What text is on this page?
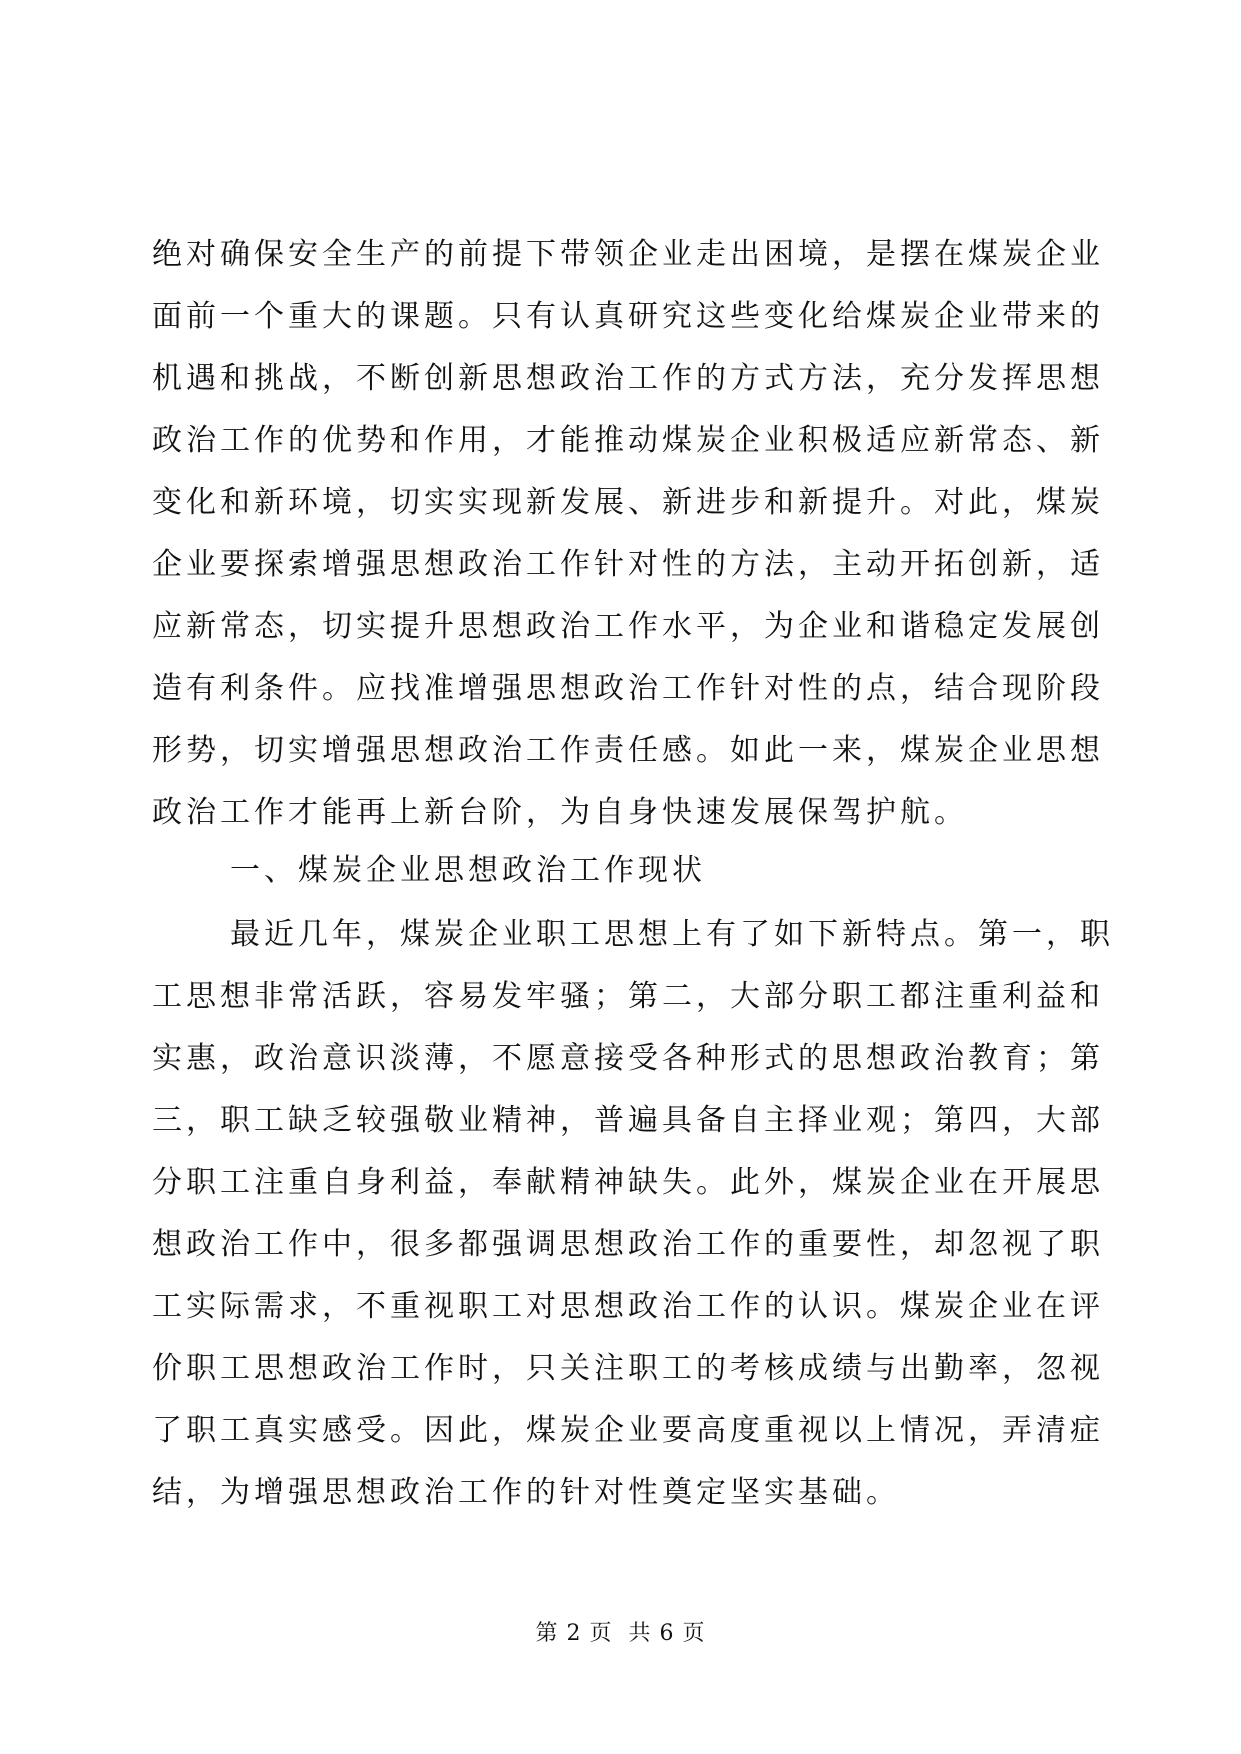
绝对确保安全生产的前提下带领企业走出困境，是摆在煤炭企业
面前一个重大的课题。只有认真研究这些变化给煤炭企业带来的
机遇和挑战，不断创新思想政治工作的方式方法，充分发挥思想
政治工作的优势和作用，才能推动煤炭企业积极适应新常态、新
变化和新环境，切实实现新发展、新进步和新提升。对此，煤炭
企业要探索增强思想政治工作针对性的方法，主动开拓创新，适
应新常态，切实提升思想政治工作水平，为企业和谐稳定发展创
造有利条件。应找准增强思想政治工作针对性的点，结合现阶段
形势，切实增强思想政治工作责任感。如此一来，煤炭企业思想
政治工作才能再上新台阶，为自身快速发展保驾护航。
一、煤炭企业思想政治工作现状
最近几年，煤炭企业职工思想上有了如下新特点。第一，职
工思想非常活跃，容易发牢骚；第二，大部分职工都注重利益和
实惠，政治意识淡薄，不愿意接受各种形式的思想政治教育；第
三，职工缺乏较强敬业精神，普遍具备自主择业观；第四，大部
分职工注重自身利益，奉献精神缺失。此外，煤炭企业在开展思
想政治工作中，很多都强调思想政治工作的重要性，却忽视了职
工实际需求，不重视职工对思想政治工作的认识。煤炭企业在评
价职工思想政治工作时，只关注职工的考核成绩与出勤率，忽视
了职工真实感受。因此，煤炭企业要高度重视以上情况，弄清症
结，为增强思想政治工作的针对性奠定坚实基础。
第 2 页  共 6 页
